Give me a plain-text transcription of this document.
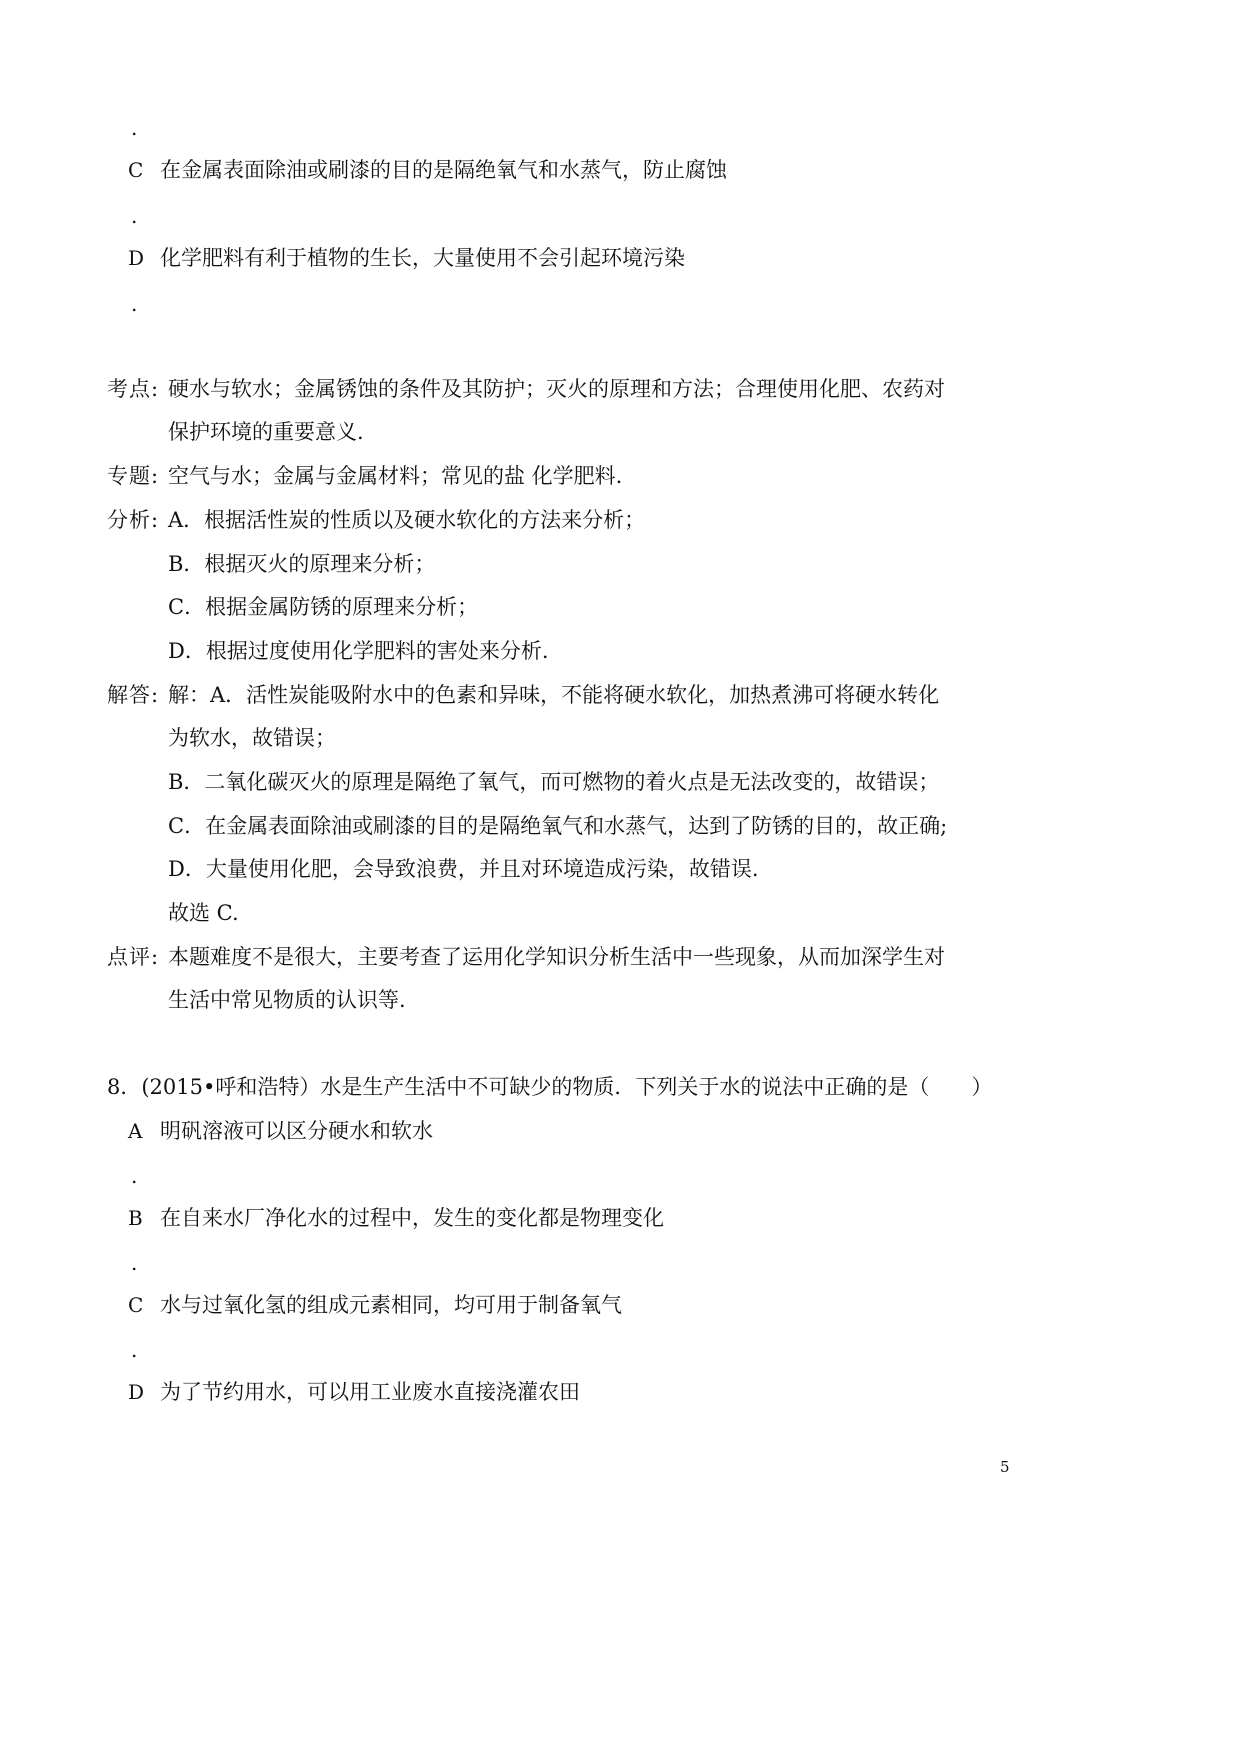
.
C 在金属表面除油或刷漆的目的是隔绝氧气和水蒸气，防止腐蚀
.
D 化学肥料有利于植物的生长，大量使用不会引起环境污染
.
考点: 硬水与软水；金属锈蚀的条件及其防护；灭火的原理和方法；合理使用化肥、农药对
保护环境的重要意义.
专题: 空气与水；金属与金属材料；常见的盐 化学肥料.
分析: A．根据活性炭的性质以及硬水软化的方法来分析；
B．根据灭火的原理来分析；
C．根据金属防锈的原理来分析；
D．根据过度使用化学肥料的害处来分析.
解答: 解：A．活性炭能吸附水中的色素和异味，不能将硬水软化，加热煮沸可将硬水转化
为软水，故错误；
B．二氧化碳灭火的原理是隔绝了氧气，而可燃物的着火点是无法改变的，故错误；
C．在金属表面除油或刷漆的目的是隔绝氧气和水蒸气，达到了防锈的目的，故正确;
D．大量使用化肥，会导致浪费，并且对环境造成污染，故错误.
故选 C.
点评: 本题难度不是很大，主要考查了运用化学知识分析生活中一些现象，从而加深学生对
生活中常见物质的认识等.
8．(2015•呼和浩特）水是生产生活中不可缺少的物质．下列关于水的说法中正确的是（　　）
A 明矾溶液可以区分硬水和软水
.
B 在自来水厂净化水的过程中，发生的变化都是物理变化
.
C 水与过氧化氢的组成元素相同，均可用于制备氧气
.
D 为了节约用水，可以用工业废水直接浇灌农田
5
